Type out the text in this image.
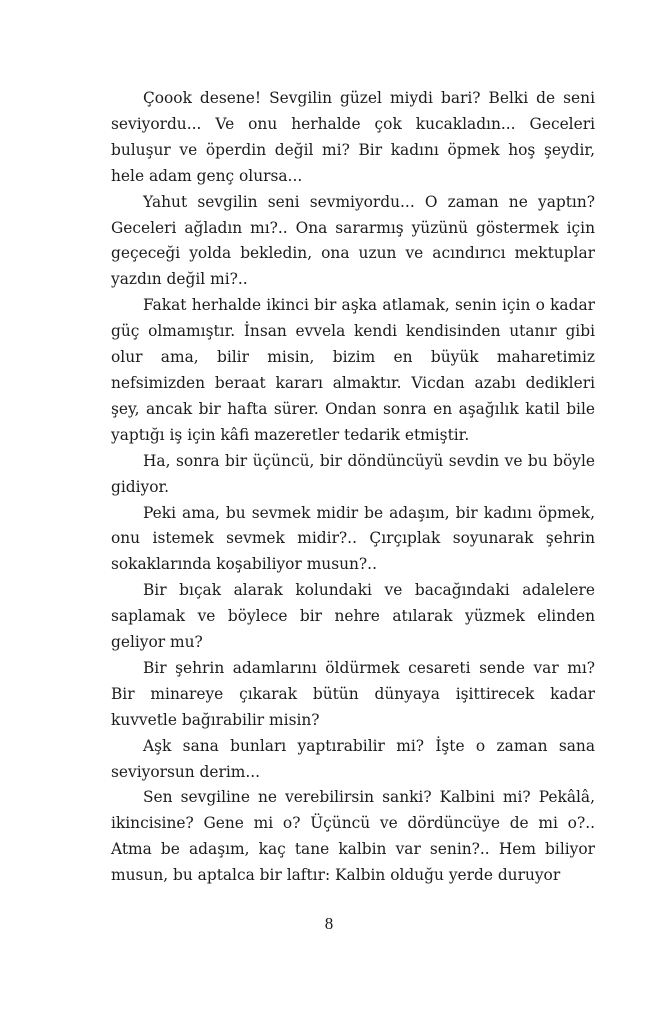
Çoook desene! Sevgilin güzel miydi bari? Belki de seni seviyordu... Ve onu herhalde çok kucakladın... Geceleri buluşur ve öperdin değil mi? Bir kadını öpmek hoş şeydir, hele adam genç olursa...

Yahut sevgilin seni sevmiyordu... O zaman ne yaptın? Geceleri ağladın mı?.. Ona sararmış yüzünü göstermek için geçeceği yolda bekledin, ona uzun ve acındırıcı mektuplar yazdın değil mi?..

Fakat herhalde ikinci bir aşka atlamak, senin için o kadar güç olmamıştır. İnsan evvela kendi kendisinden utanır gibi olur ama, bilir misin, bizim en büyük maharetimiz nefsimizden beraat kararı almaktır. Vicdan azabı dedikleri şey, ancak bir hafta sürer. Ondan sonra en aşağılık katil bile yaptığı iş için kâfi mazeretler tedarik etmiştir.

Ha, sonra bir üçüncü, bir döndüncüyü sevdin ve bu böyle gidiyor.

Peki ama, bu sevmek midir be adaşım, bir kadını öpmek, onu istemek sevmek midir?.. Çırçıplak soyunarak şehrin sokaklarında koşabiliyor musun?..

Bir bıçak alarak kolundaki ve bacağındaki adalelere saplamak ve böylece bir nehre atılarak yüzmek elinden geliyor mu?

Bir şehrin adamlarını öldürmek cesareti sende var mı? Bir minareye çıkarak bütün dünyaya işittirecek kadar kuvvetle bağırabilir misin?

Aşk sana bunları yaptırabilir mi? İşte o zaman sana seviyorsun derim...

Sen sevgiline ne verebilirsin sanki? Kalbini mi? Pekâlâ, ikincisine? Gene mi o? Üçüncü ve dördüncüye de mi o?.. Atma be adaşım, kaç tane kalbin var senin?.. Hem biliyor musun, bu aptalca bir laftır: Kalbin olduğu yerde duruyor

8
